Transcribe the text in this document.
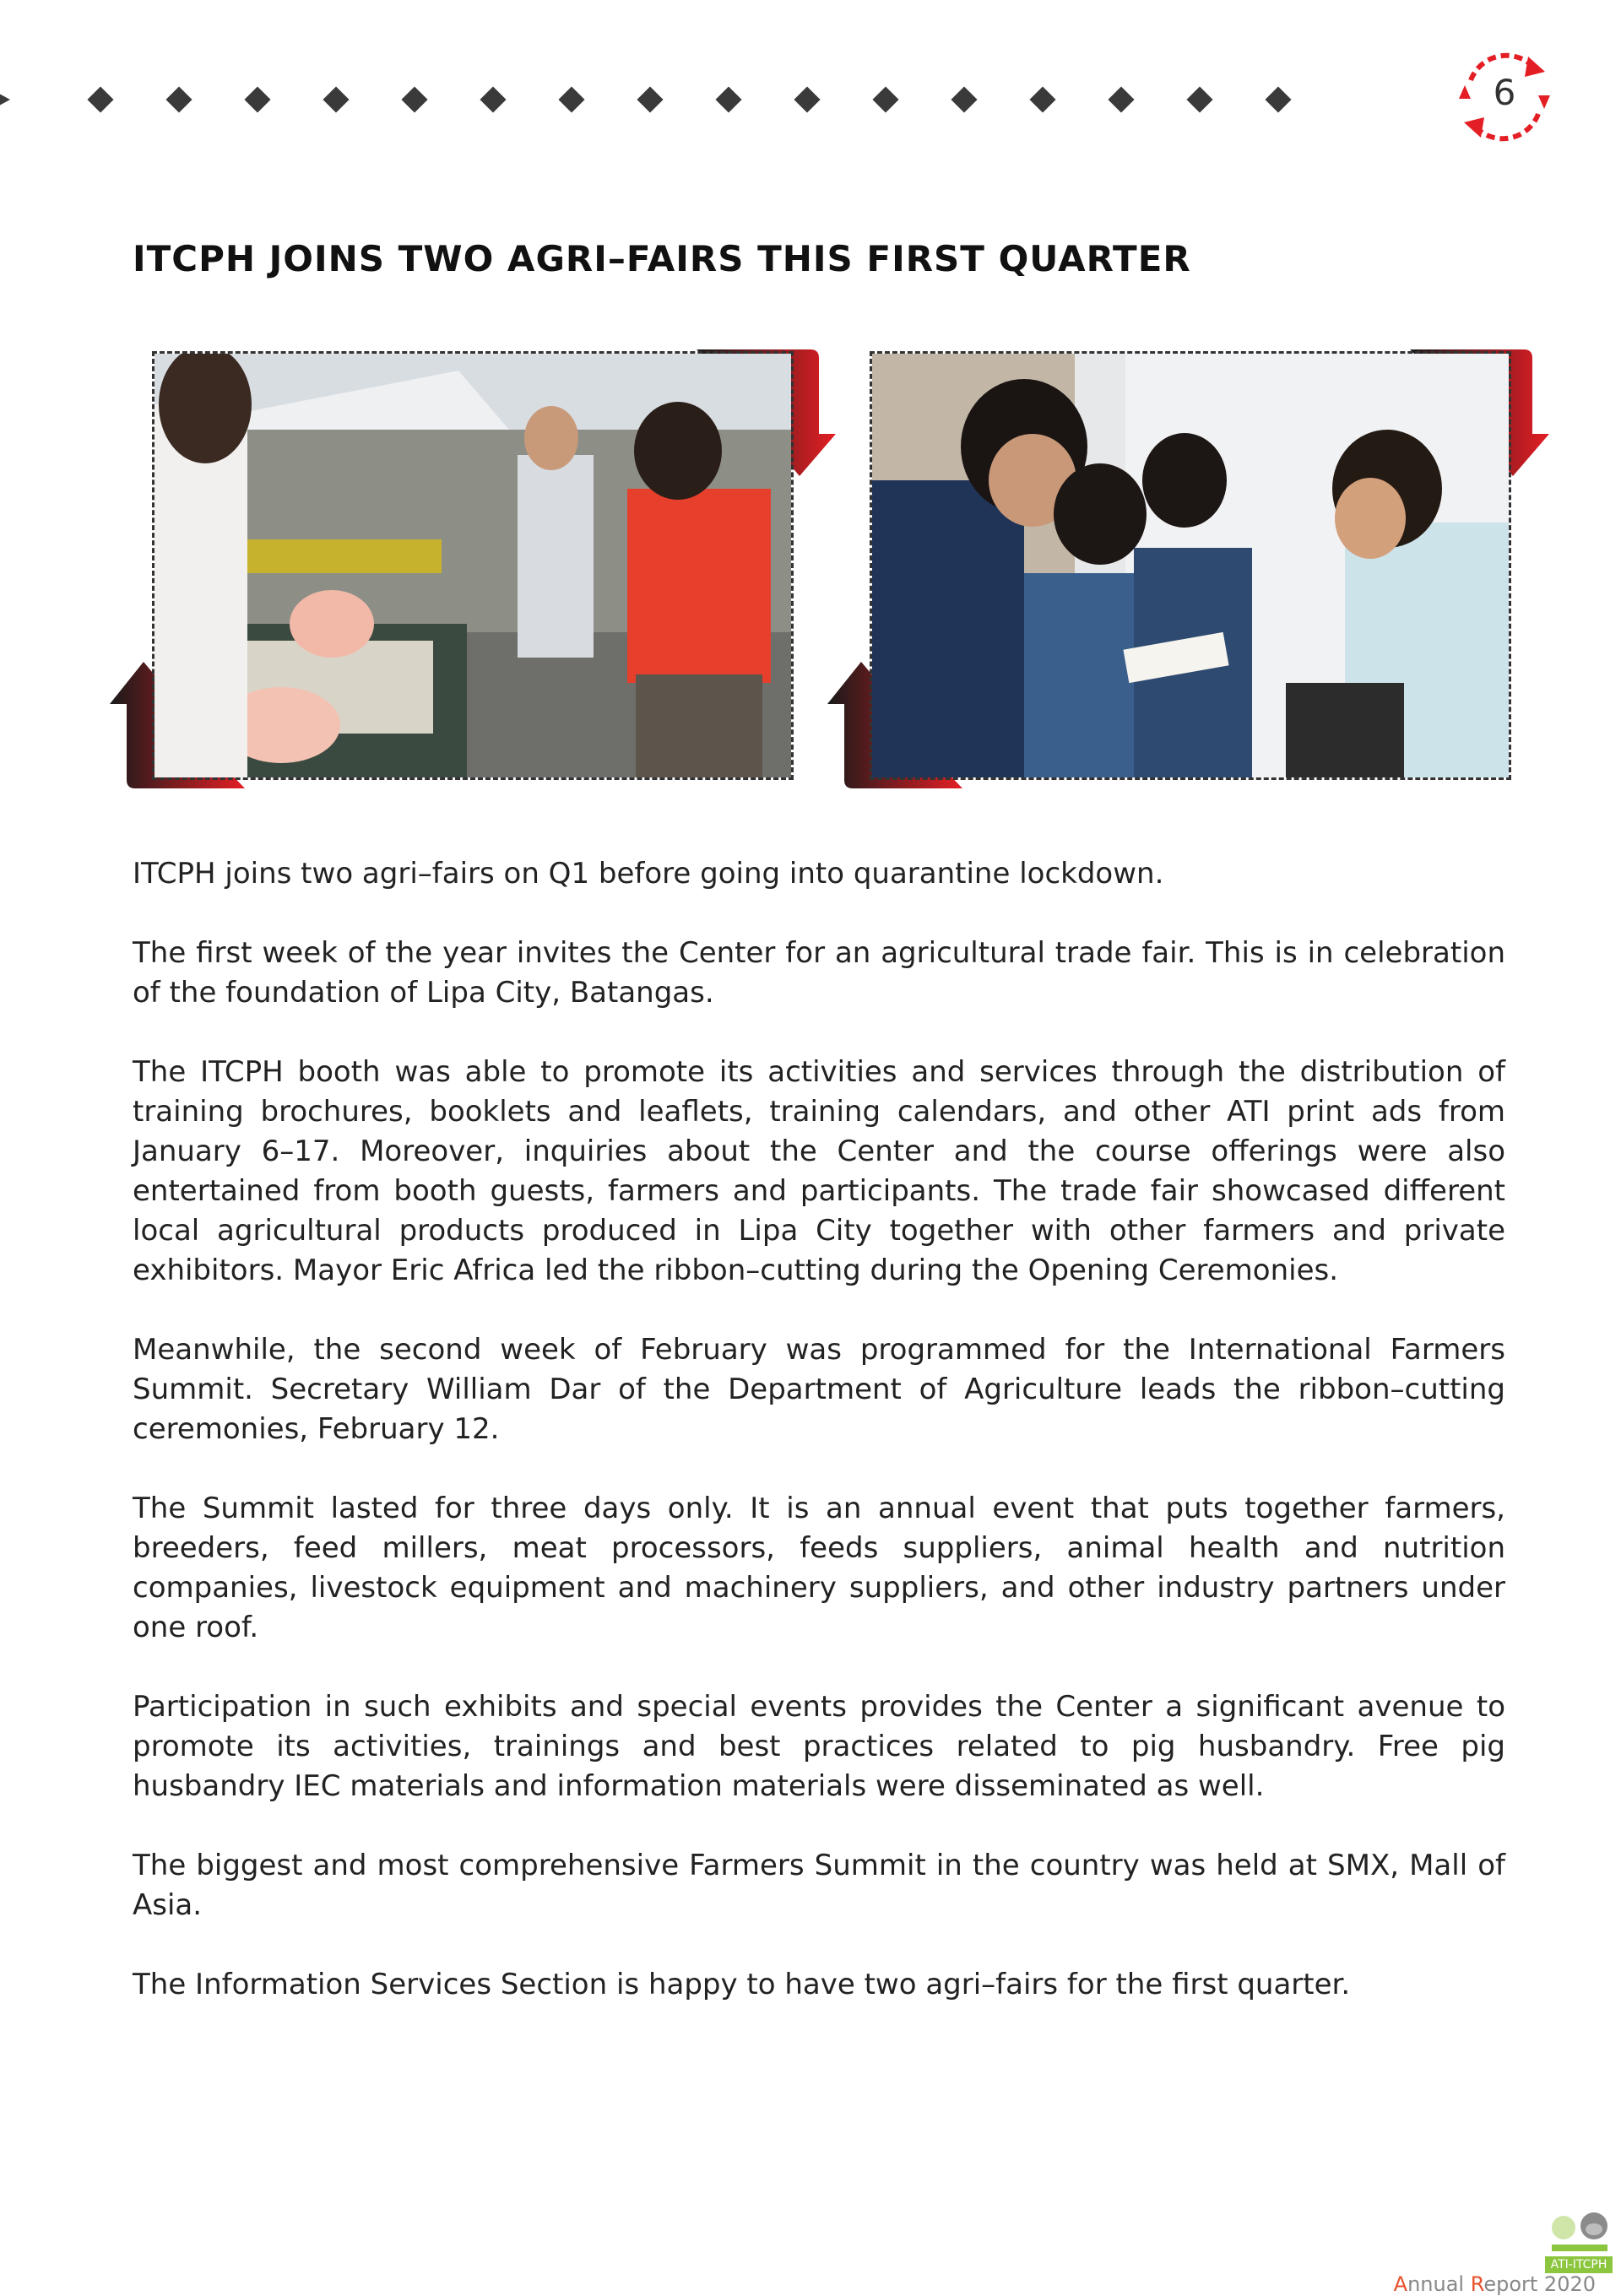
6
ITCPH JOINS TWO AGRI–FAIRS THIS FIRST QUARTER

ITCPH joins two agri–fairs on Q1 before going into quarantine lockdown.

The first week of the year invites the Center for an agricultural trade fair. This is in celebration of the foundation of Lipa City, Batangas.

The ITCPH booth was able to promote its activities and services through the distribution of training brochures, booklets and leaflets, training calendars, and other ATI print ads from January 6–17. Moreover, inquiries about the Center and the course offerings were also entertained from booth guests, farmers and participants. The trade fair showcased different local agricultural products produced in Lipa City together with other farmers and private exhibitors. Mayor Eric Africa led the ribbon–cutting during the Opening Ceremonies.

Meanwhile, the second week of February was programmed for the International Farmers Summit. Secretary William Dar of the Department of Agriculture leads the ribbon–cutting ceremonies, February 12.

The Summit lasted for three days only. It is an annual event that puts together farmers, breeders, feed millers, meat processors, feeds suppliers, animal health and nutrition companies, livestock equipment and machinery suppliers, and other industry partners under one roof.

Participation in such exhibits and special events provides the Center a significant avenue to promote its activities, trainings and best practices related to pig husbandry. Free pig husbandry IEC materials and information materials were disseminated as well.

The biggest and most comprehensive Farmers Summit in the country was held at SMX, Mall of Asia.

The Information Services Section is happy to have two agri–fairs for the first quarter.

ATI-ITCPH
Annual Report 2020
